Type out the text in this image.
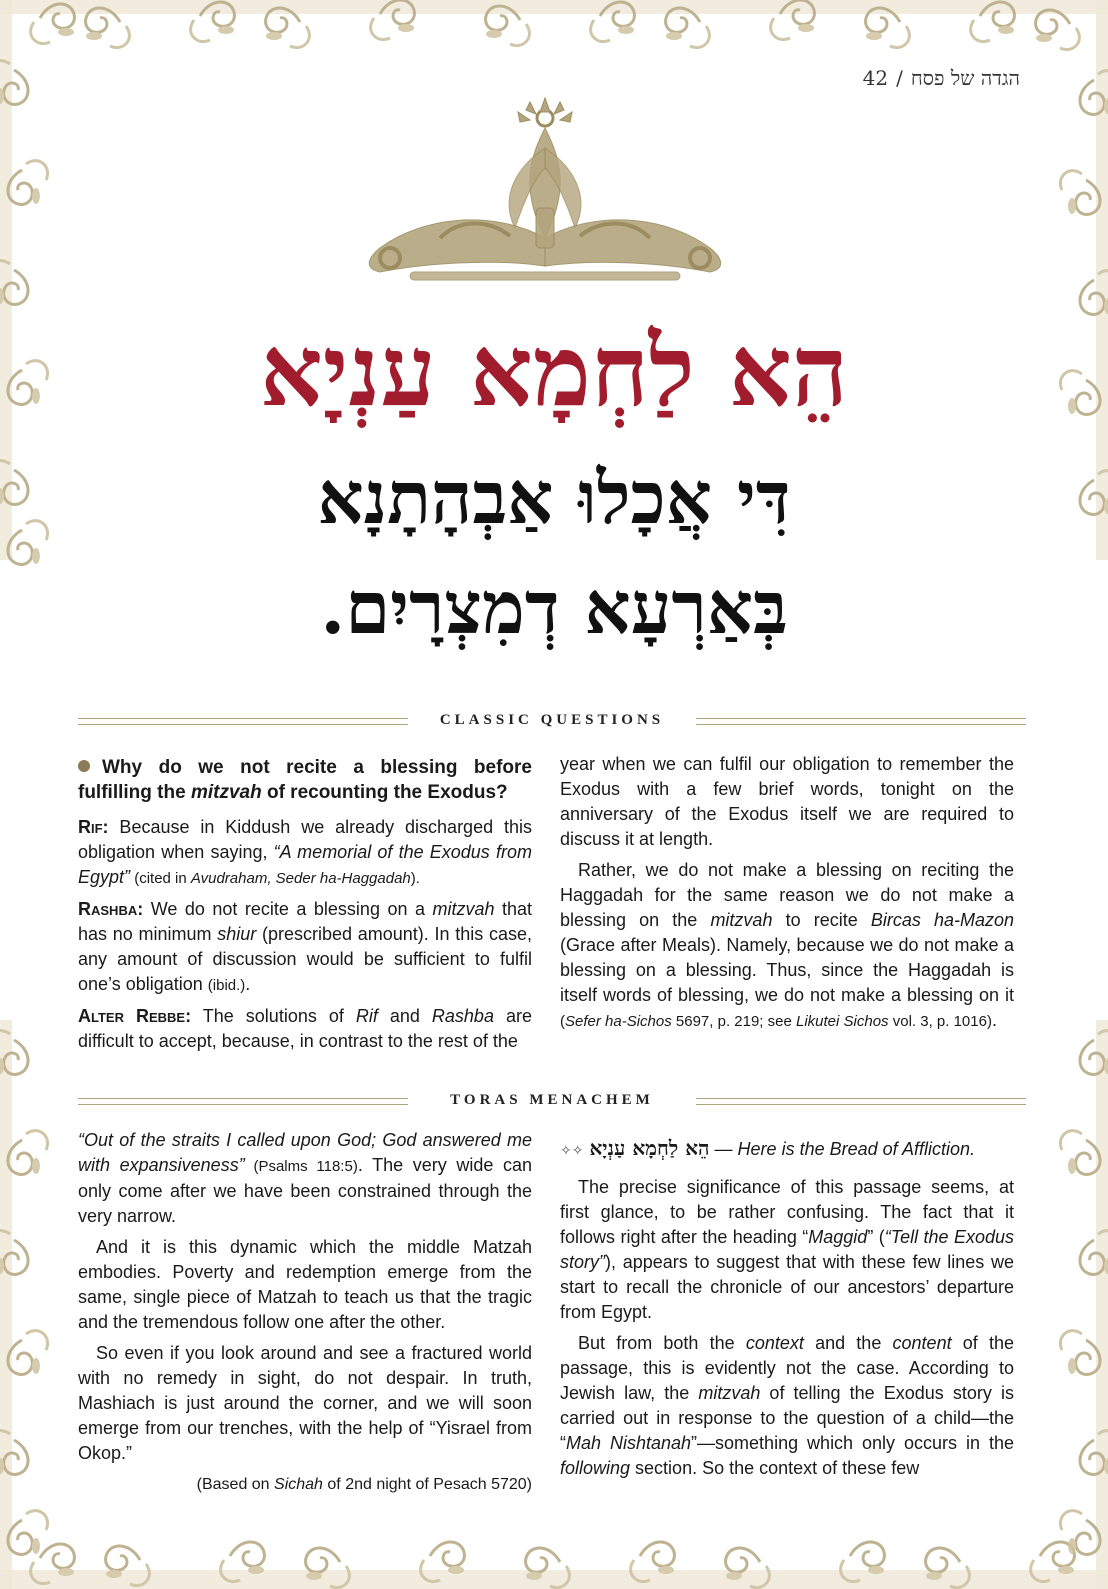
הגדה של פסח/42
הֵא לַחְמָא עַנְיָא
דִּי אֲכָלוּ אַבְהָתָנָא
בְּאַרְעָא דְמִצְרָיִם.
CLASSIC QUESTIONS
Why do we not recite a blessing before fulfilling the mitzvah of recounting the Exodus?

Rif: Because in Kiddush we already discharged this obligation when saying, “A memorial of the Exodus from Egypt” (cited in Avudraham, Seder ha-Haggadah).

Rashba: We do not recite a blessing on a mitzvah that has no minimum shiur (prescribed amount). In this case, any amount of discussion would be sufficient to fulfil one’s obligation (ibid.).

Alter Rebbe: The solutions of Rif and Rashba are difficult to accept, because, in contrast to the rest of the

year when we can fulfil our obligation to remember the Exodus with a few brief words, tonight on the anniversary of the Exodus itself we are required to discuss it at length.

Rather, we do not make a blessing on reciting the Haggadah for the same reason we do not make a blessing on the mitzvah to recite Bircas ha-Mazon (Grace after Meals). Namely, because we do not make a blessing on a blessing. Thus, since the Haggadah is itself words of blessing, we do not make a blessing on it (Sefer ha-Sichos 5697, p. 219; see Likutei Sichos vol. 3, p. 1016).

TORAS MENACHEM

“Out of the straits I called upon God; God answered me with expansiveness” (Psalms 118:5). The very wide can only come after we have been constrained through the very narrow.

And it is this dynamic which the middle Matzah embodies. Poverty and redemption emerge from the same, single piece of Matzah to teach us that the tragic and the tremendous follow one after the other.

So even if you look around and see a fractured world with no remedy in sight, do not despair. In truth, Mashiach is just around the corner, and we will soon emerge from our trenches, with the help of “Yisrael from Okop.”

(Based on Sichah of 2nd night of Pesach 5720)

✧✧ הֵא לַחְמָא עַנְיָא — Here is the Bread of Affliction.

The precise significance of this passage seems, at first glance, to be rather confusing. The fact that it follows right after the heading “Maggid” (“Tell the Exodus story”), appears to suggest that with these few lines we start to recall the chronicle of our ancestors’ departure from Egypt.

But from both the context and the content of the passage, this is evidently not the case. According to Jewish law, the mitzvah of telling the Exodus story is carried out in response to the question of a child—the “Mah Nishtanah”—something which only occurs in the following section. So the context of these few
